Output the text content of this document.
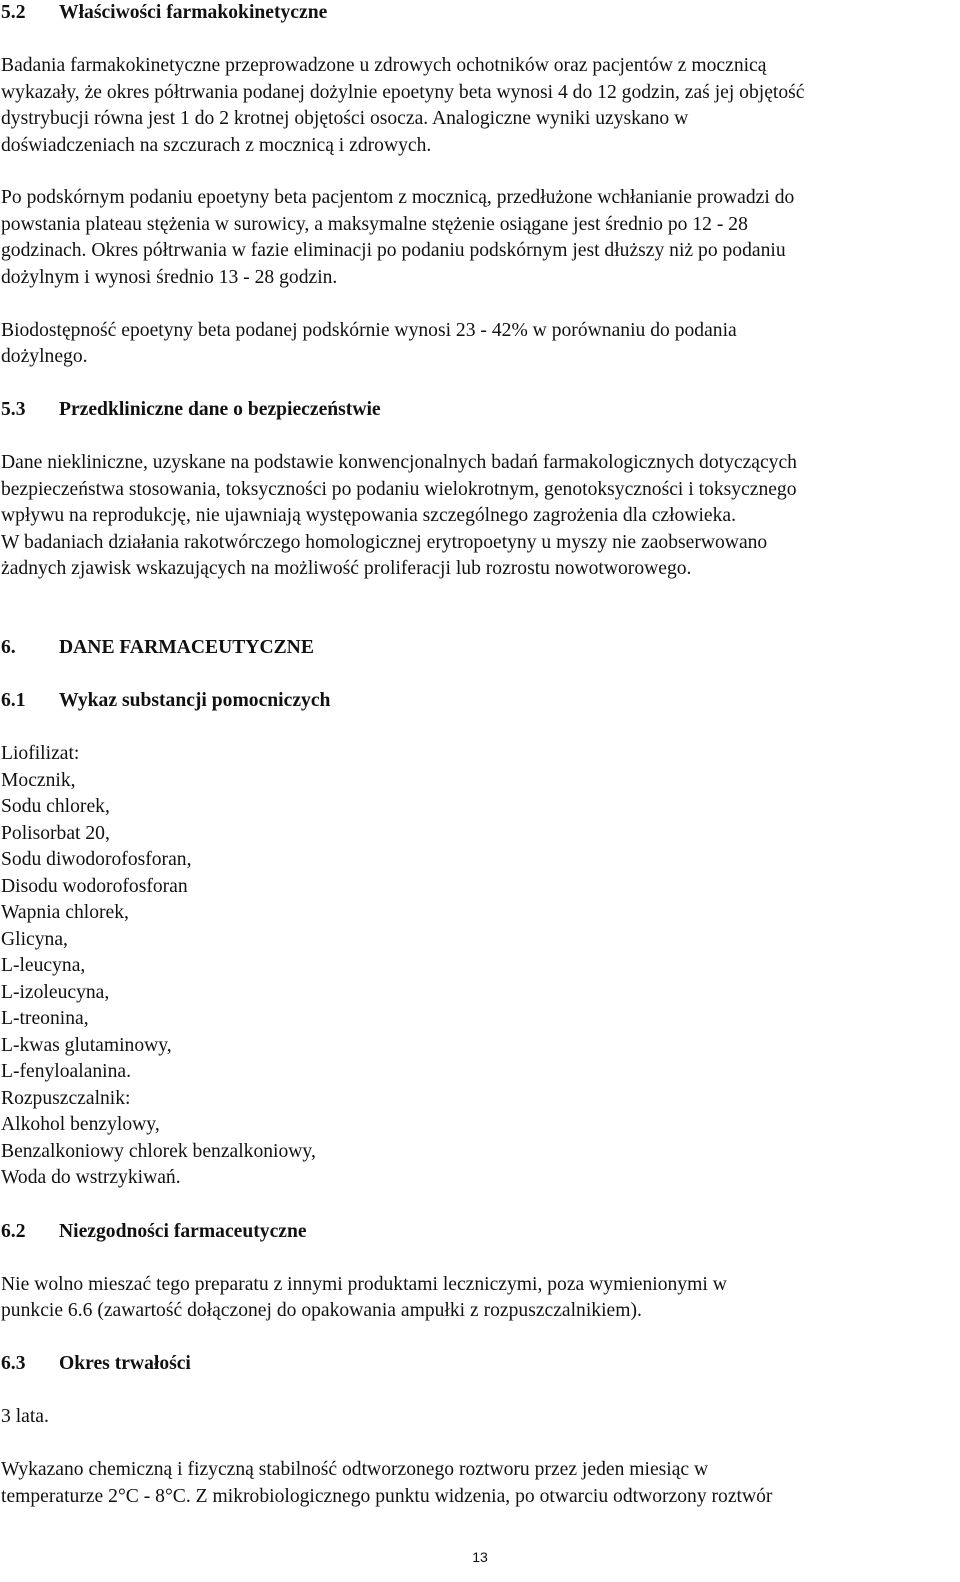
5.2 Właściwości farmakokinetyczne
Badania farmakokinetyczne przeprowadzone u zdrowych ochotników oraz pacjentów z mocznicą
wykazały, że okres półtrwania podanej dożylnie epoetyny beta wynosi 4 do 12 godzin, zaś jej objętość
dystrybucji równa jest 1 do 2 krotnej objętości osocza. Analogiczne wyniki uzyskano w
doświadczeniach na szczurach z mocznicą i zdrowych.
Po podskórnym podaniu epoetyny beta pacjentom z mocznicą, przedłużone wchłanianie prowadzi do
powstania plateau stężenia w surowicy, a maksymalne stężenie osiągane jest średnio po 12 - 28
godzinach. Okres półtrwania w fazie eliminacji po podaniu podskórnym jest dłuższy niż po podaniu
dożylnym i wynosi średnio 13 - 28 godzin.
Biodostępność epoetyny beta podanej podskórnie wynosi 23 - 42% w porównaniu do podania
dożylnego.
5.3 Przedkliniczne dane o bezpieczeństwie
Dane niekliniczne, uzyskane na podstawie konwencjonalnych badań farmakologicznych dotyczących
bezpieczeństwa stosowania, toksyczności po podaniu wielokrotnym, genotoksyczności i toksycznego
wpływu na reprodukcję, nie ujawniają występowania szczególnego zagrożenia dla człowieka.
W badaniach działania rakotwórczego homologicznej erytropoetyny u myszy nie zaobserwowano
żadnych zjawisk wskazujących na możliwość proliferacji lub rozrostu nowotworowego.
6. DANE FARMACEUTYCZNE
6.1 Wykaz substancji pomocniczych
Liofilizat:
Mocznik,
Sodu chlorek,
Polisorbat 20,
Sodu diwodorofosforan,
Disodu wodorofosforan
Wapnia chlorek,
Glicyna,
L-leucyna,
L-izoleucyna,
L-treonina,
L-kwas glutaminowy,
L-fenyloalanina.
Rozpuszczalnik:
Alkohol benzylowy,
Benzalkoniowy chlorek benzalkoniowy,
Woda do wstrzykiwań.
6.2 Niezgodności farmaceutyczne
Nie wolno mieszać tego preparatu z innymi produktami leczniczymi, poza wymienionymi w
punkcie 6.6 (zawartość dołączonej do opakowania ampułki z rozpuszczalnikiem).
6.3 Okres trwałości
3 lata.
Wykazano chemiczną i fizyczną stabilność odtworzonego roztworu przez jeden miesiąc w
temperaturze 2°C - 8°C. Z mikrobiologicznego punktu widzenia, po otwarciu odtworzony roztwór
13
